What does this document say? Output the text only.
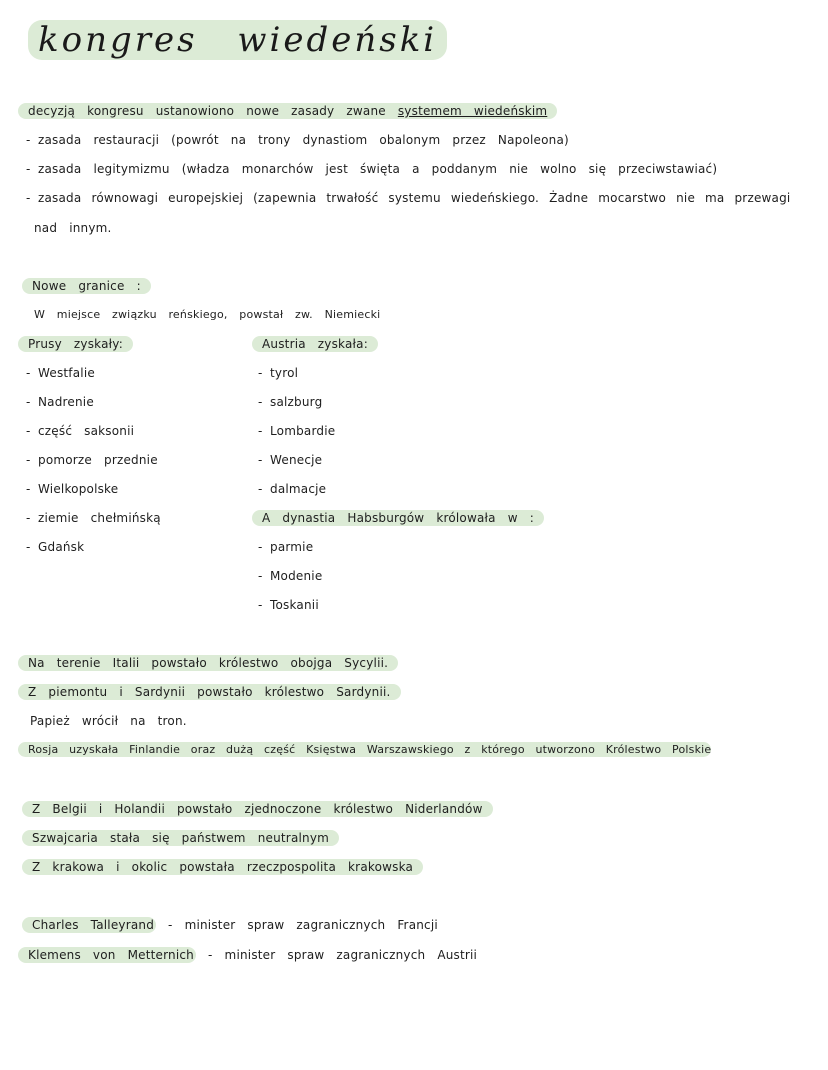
kongres wiedeński
decyzją kongresu ustanowiono nowe zasady zwane systemem wiedeńskim
- zasada restauracji (powrót na trony dynastiom obalonym przez Napoleona)
- zasada legitymizmu (władza monarchów jest święta a poddanym nie wolno się przeciwstawiać)
- zasada równowagi europejskiej (zapewnia trwałość systemu wiedeńskiego. Żadne mocarstwo nie ma przewagi
nad innym.
Nowe granice :
W miejsce związku reńskiego, powstał zw. Niemiecki
Prusy zyskały:
- Westfalie
- Nadrenie
- część saksonii
- pomorze przednie
- Wielkopolske
- ziemie chełmińską
- Gdańsk
Austria zyskała:
- tyrol
- salzburg
- Lombardie
- Wenecje
- dalmacje
A dynastia Habsburgów królowała w :
- parmie
- Modenie
- Toskanii
Na terenie Italii powstało królestwo obojga Sycylii.
Z piemontu i Sardynii powstało królestwo Sardynii.
Papież wrócił na tron.
Rosja uzyskała Finlandie oraz dużą część Księstwa Warszawskiego z którego utworzono Królestwo Polskie
Z Belgii i Holandii powstało zjednoczone królestwo Niderlandów
Szwajcaria stała się państwem neutralnym
Z krakowa i okolic powstała rzeczpospolita krakowska
Charles Talleyrand - minister spraw zagranicznych Francji
Klemens von Metternich - minister spraw zagranicznych Austrii
